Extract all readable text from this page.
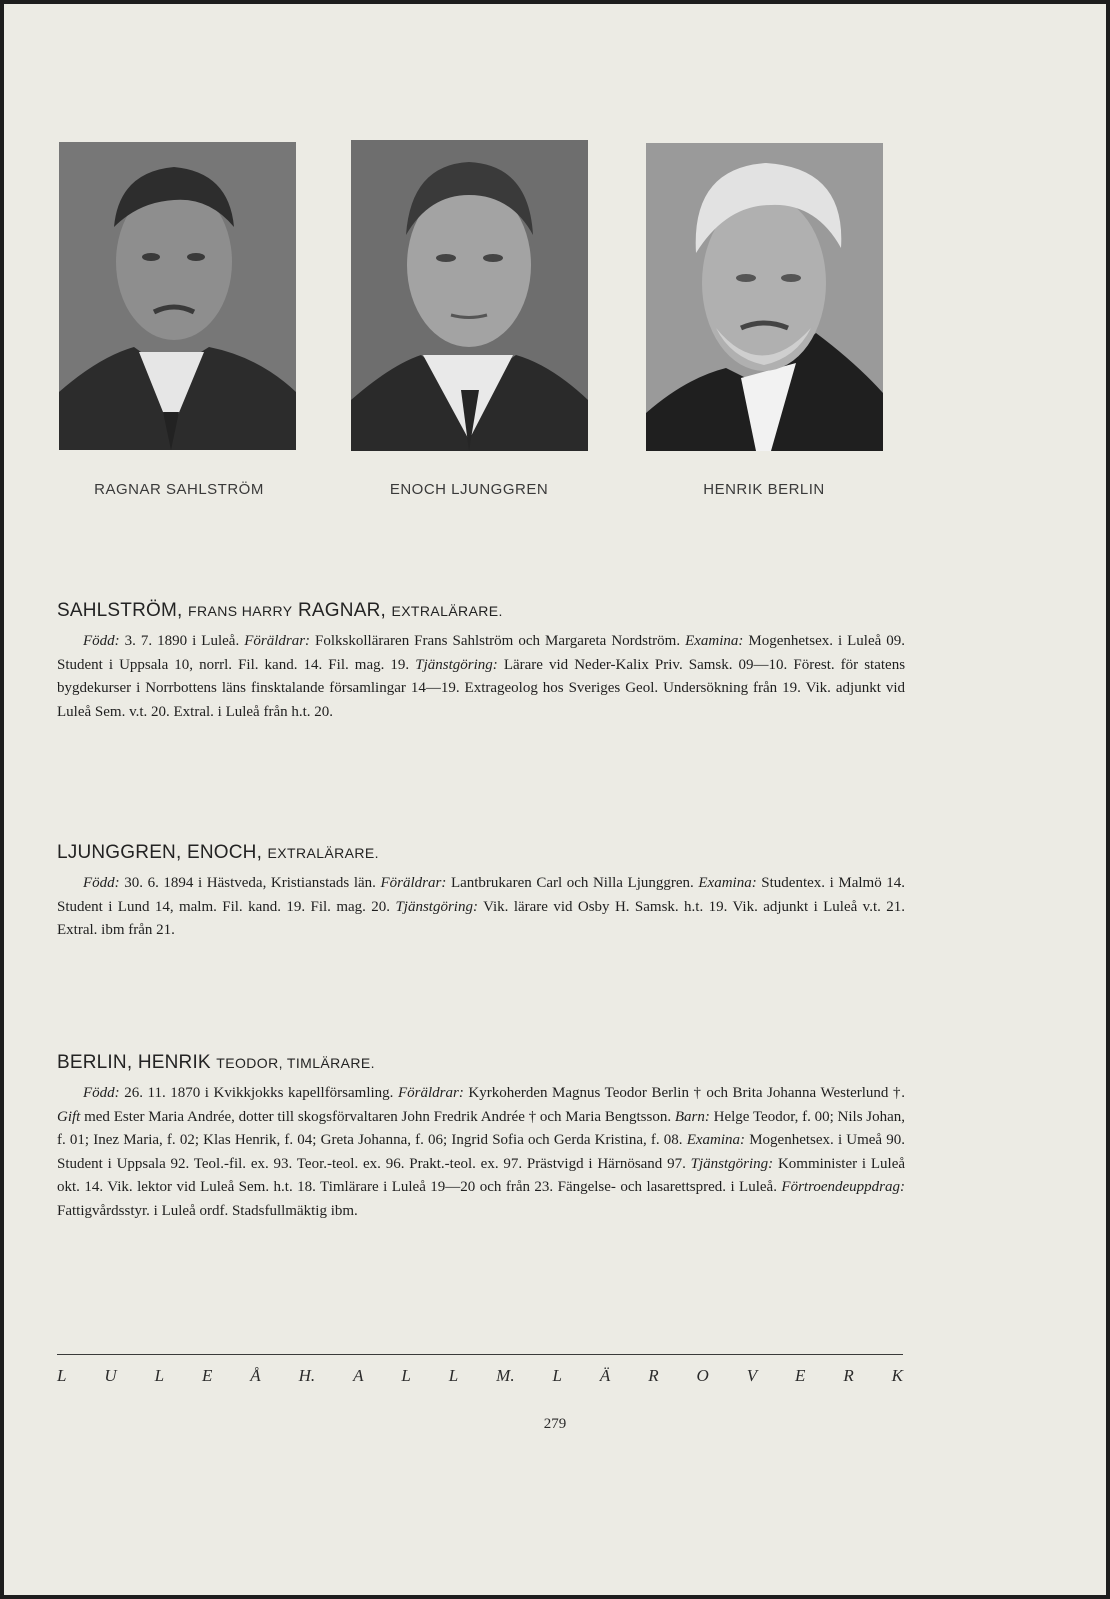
RAGNAR SAHLSTRÖM	ENOCH LJUNGGREN	HENRIK BERLIN
SAHLSTRÖM, FRANS HARRY RAGNAR, EXTRALÄRARE.

Född: 3. 7. 1890 i Luleå. Föräldrar: Folkskolläraren Frans Sahlström och Margareta Nordström. Examina: Mogenhetsex. i Luleå 09. Student i Uppsala 10, norrl. Fil. kand. 14. Fil. mag. 19. Tjänstgöring: Lärare vid Neder-Kalix Priv. Samsk. 09—10. Förest. för statens bygdekurser i Norrbottens läns finsktalande församlingar 14—19. Extrageolog hos Sveriges Geol. Undersökning från 19. Vik. adjunkt vid Luleå Sem. v.t. 20. Extral. i Luleå från h.t. 20.

LJUNGGREN, ENOCH, EXTRALÄRARE.

Född: 30. 6. 1894 i Hästveda, Kristianstads län. Föräldrar: Lantbrukaren Carl och Nilla Ljunggren. Examina: Studentex. i Malmö 14. Student i Lund 14, malm. Fil. kand. 19. Fil. mag. 20. Tjänstgöring: Vik. lärare vid Osby H. Samsk. h.t. 19. Vik. adjunkt i Luleå v.t. 21. Extral. ibm från 21.

BERLIN, HENRIK TEODOR, TIMLÄRARE.

Född: 26. 11. 1870 i Kvikkjokks kapellförsamling. Föräldrar: Kyrkoherden Magnus Teodor Berlin † och Brita Johanna Westerlund †. Gift med Ester Maria Andrée, dotter till skogsförvaltaren John Fredrik Andrée † och Maria Bengtsson. Barn: Helge Teodor, f. 00; Nils Johan, f. 01; Inez Maria, f. 02; Klas Henrik, f. 04; Greta Johanna, f. 06; Ingrid Sofia och Gerda Kristina, f. 08. Examina: Mogenhetsex. i Umeå 90. Student i Uppsala 92. Teol.-fil. ex. 93. Teor.-teol. ex. 96. Prakt.-teol. ex. 97. Prästvigd i Härnösand 97. Tjänstgöring: Komminister i Luleå okt. 14. Vik. lektor vid Luleå Sem. h.t. 18. Timlärare i Luleå 19—20 och från 23. Fängelse- och lasarettspred. i Luleå. Förtroendeuppdrag: Fattigvårdsstyr. i Luleå ordf. Stadsfullmäktig ibm.

L U L E Å H. A L L M. L Ä R O V E R K
279
